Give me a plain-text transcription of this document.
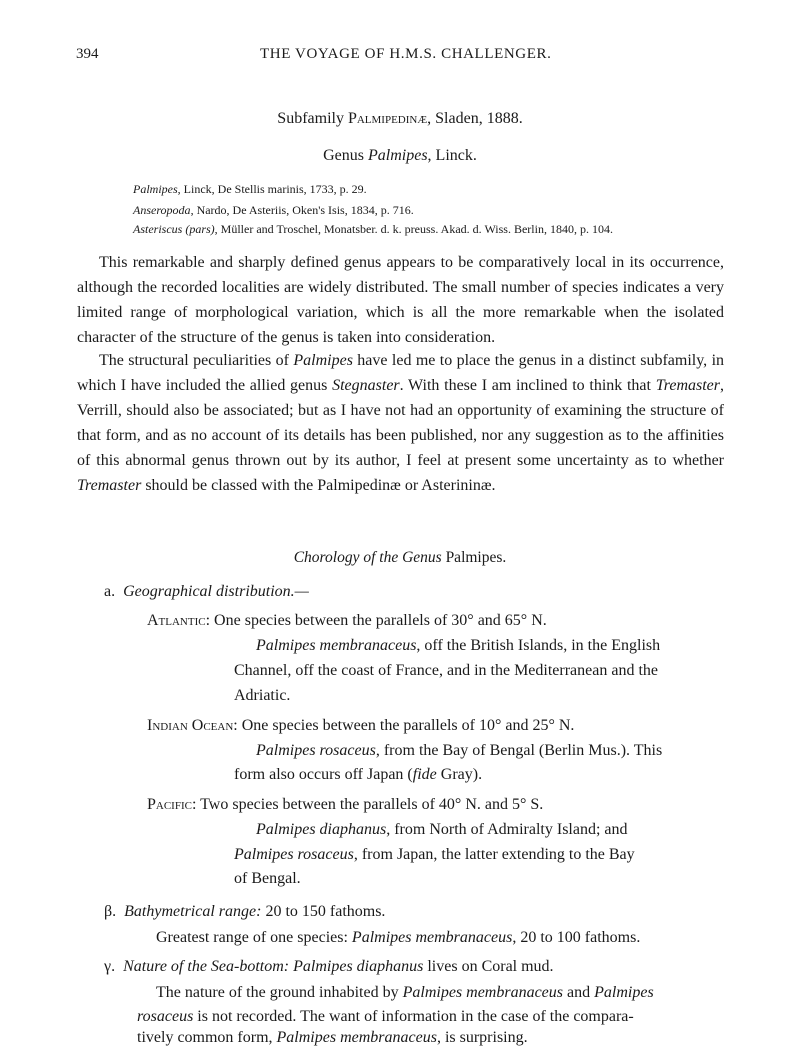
394	THE VOYAGE OF H.M.S. CHALLENGER.
Subfamily Palmipedinæ, Sladen, 1888.
Genus Palmipes, Linck.
Palmipes, Linck, De Stellis marinis, 1733, p. 29.
Anseropoda, Nardo, De Asteriis, Oken's Isis, 1834, p. 716.
Asteriscus (pars), Müller and Troschel, Monatsber. d. k. preuss. Akad. d. Wiss. Berlin, 1840, p. 104.

This remarkable and sharply defined genus appears to be comparatively local in its occurrence, although the recorded localities are widely distributed. The small number of species indicates a very limited range of morphological variation, which is all the more remarkable when the isolated character of the structure of the genus is taken into consideration.

The structural peculiarities of Palmipes have led me to place the genus in a distinct subfamily, in which I have included the allied genus Stegnaster. With these I am inclined to think that Tremaster, Verrill, should also be associated; but as I have not had an opportunity of examining the structure of that form, and as no account of its details has been published, nor any suggestion as to the affinities of this abnormal genus thrown out by its author, I feel at present some uncertainty as to whether Tremaster should be classed with the Palmipedinæ or Asterininæ.

Chorology of the Genus Palmipes.
a. Geographical distribution.—
Atlantic: One species between the parallels of 30° and 65° N.
Palmipes membranaceus, off the British Islands, in the English
Channel, off the coast of France, and in the Mediterranean and the
Adriatic.
Indian Ocean: One species between the parallels of 10° and 25° N.
Palmipes rosaceus, from the Bay of Bengal (Berlin Mus.). This
form also occurs off Japan (fide Gray).
Pacific: Two species between the parallels of 40° N. and 5° S.
Palmipes diaphanus, from North of Admiralty Island; and
Palmipes rosaceus, from Japan, the latter extending to the Bay
of Bengal.
β. Bathymetrical range: 20 to 150 fathoms.
Greatest range of one species: Palmipes membranaceus, 20 to 100 fathoms.
γ. Nature of the Sea-bottom: Palmipes diaphanus lives on Coral mud.
The nature of the ground inhabited by Palmipes membranaceus and Palmipes
rosaceus is not recorded. The want of information in the case of the compara-
tively common form, Palmipes membranaceus, is surprising.
